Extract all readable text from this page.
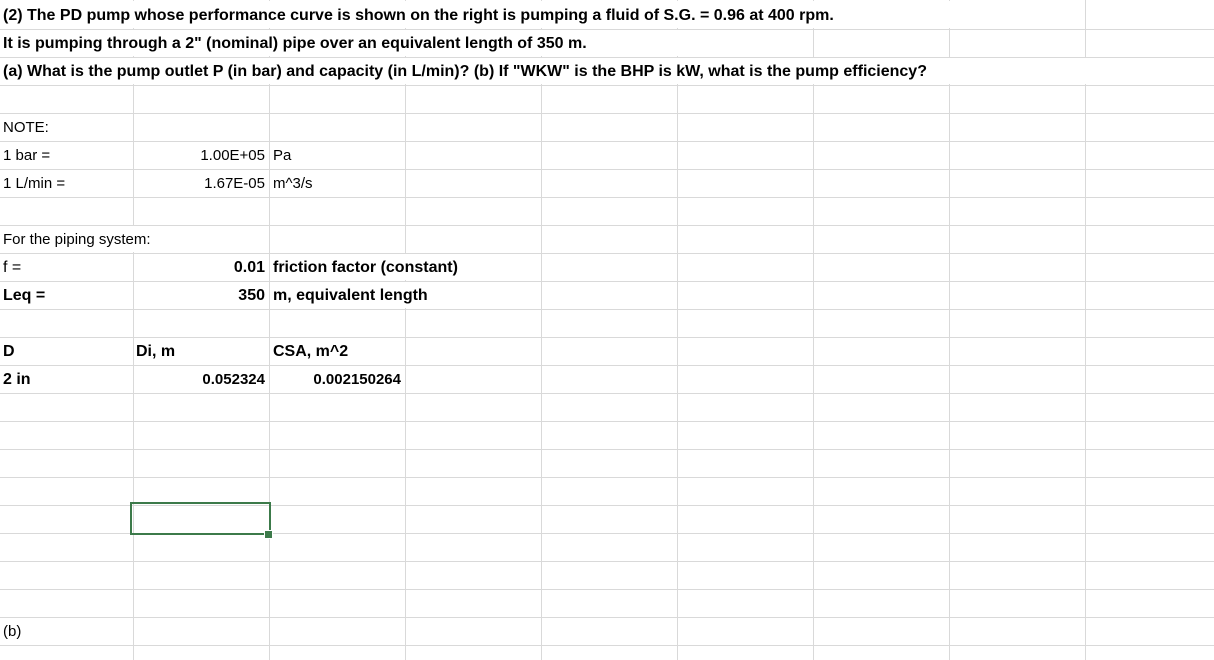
(2) The PD pump whose performance curve is shown on the right is pumping a fluid of S.G. = 0.96 at 400 rpm.
It is pumping through a 2" (nominal) pipe over an equivalent length of 350 m.
(a) What is the pump outlet P (in bar) and capacity (in L/min)? (b) If "WKW" is the BHP is kW, what is the pump efficiency?
NOTE:
1 bar =	1.00E+05 Pa
1 L/min =	1.67E-05 m^3/s
For the piping system:
f =	0.01 friction factor (constant)
Leq =	350 m, equivalent length
D	Di, m	CSA, m^2
2 in	0.052324	0.002150264
(b)
